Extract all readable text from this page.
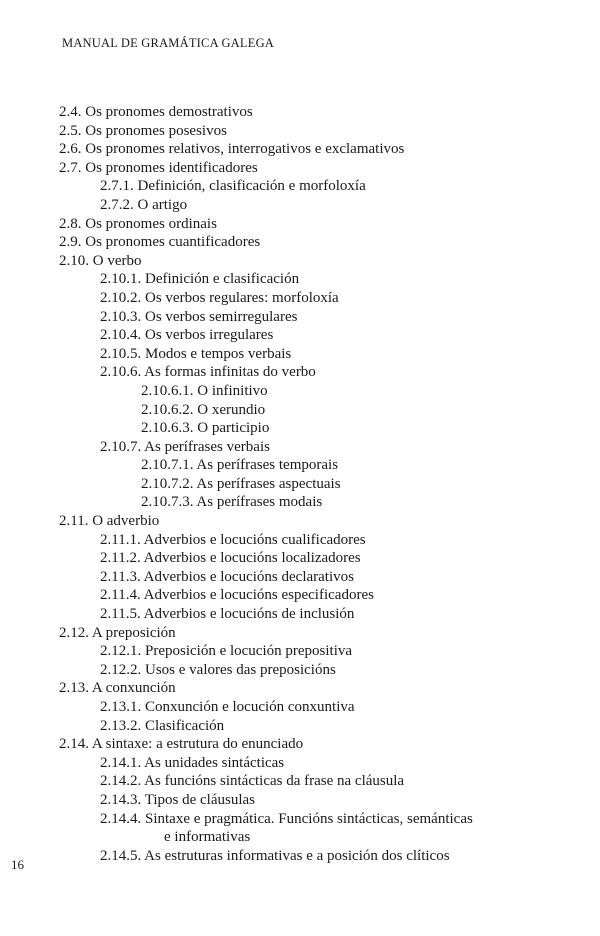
MANUAL DE GRAMÁTICA GALEGA
2.4. Os pronomes demostrativos
2.5. Os pronomes posesivos
2.6. Os pronomes relativos, interrogativos e exclamativos
2.7. Os pronomes identificadores
2.7.1. Definición, clasificación e morfoloxía
2.7.2. O artigo
2.8. Os pronomes ordinais
2.9. Os pronomes cuantificadores
2.10. O verbo
2.10.1. Definición e clasificación
2.10.2. Os verbos regulares: morfoloxía
2.10.3. Os verbos semirregulares
2.10.4. Os verbos irregulares
2.10.5. Modos e tempos verbais
2.10.6. As formas infinitas do verbo
2.10.6.1. O infinitivo
2.10.6.2. O xerundio
2.10.6.3. O participio
2.10.7. As perífrases verbais
2.10.7.1. As perífrases temporais
2.10.7.2. As perífrases aspectuais
2.10.7.3. As perífrases modais
2.11. O adverbio
2.11.1. Adverbios e locucións cualificadores
2.11.2. Adverbios e locucións localizadores
2.11.3. Adverbios e locucións declarativos
2.11.4. Adverbios e locucións especificadores
2.11.5. Adverbios e locucións de inclusión
2.12. A preposición
2.12.1. Preposición e locución prepositiva
2.12.2. Usos e valores das preposicións
2.13. A conxunción
2.13.1. Conxunción e locución conxuntiva
2.13.2. Clasificación
2.14. A sintaxe: a estrutura do enunciado
2.14.1. As unidades sintácticas
2.14.2. As funcións sintácticas da frase na cláusula
2.14.3. Tipos de cláusulas
2.14.4. Sintaxe e pragmática. Funcións sintácticas, semánticas
e informativas
2.14.5. As estruturas informativas e a posición dos clíticos
16
